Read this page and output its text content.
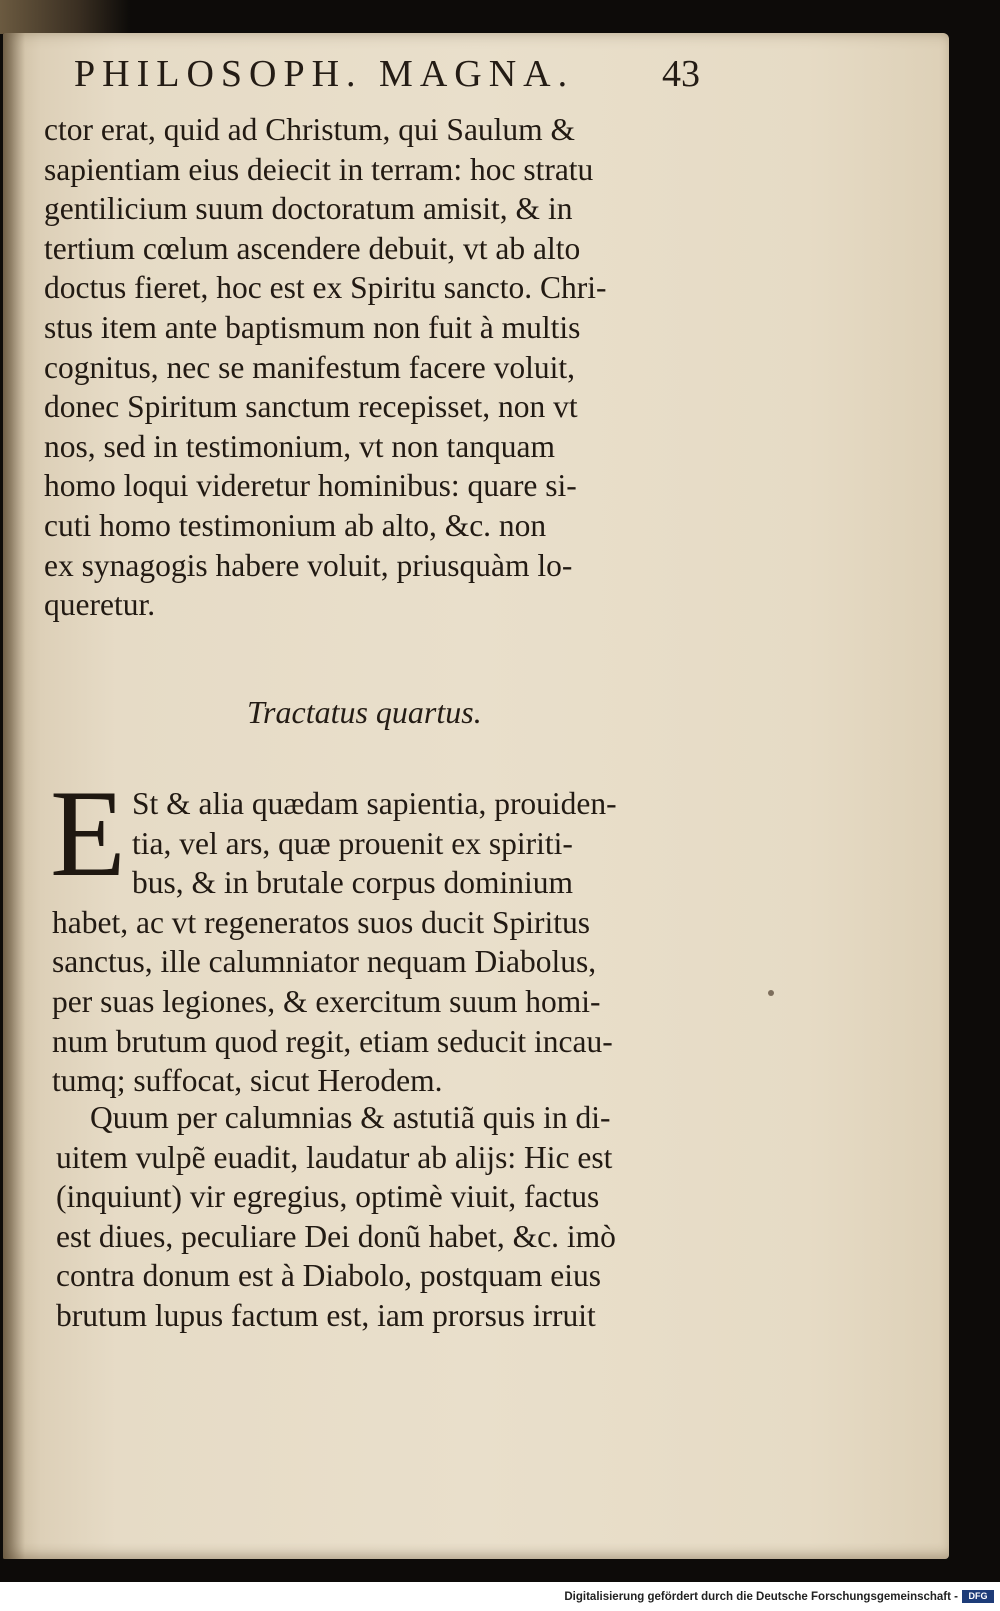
PHILOSOPH. MAGNA.	43
ctor erat, quid ad Christum, qui Saulum &
sapientiam eius deiecit in terram: hoc stratu
gentilicium suum doctoratum amisit, & in
tertium cœlum ascendere debuit, vt ab alto
doctus fieret, hoc est ex Spiritu sancto. Chri-
stus item ante baptismum non fuit à multis
cognitus, nec se manifestum facere voluit,
donec Spiritum sanctum recepisset, non vt
nos, sed in testimonium, vt non tanquam
homo loqui videretur hominibus: quare si-
cuti homo testimonium ab alto, &c. non
ex synagogis habere voluit, priusquàm lo-
queretur.
Tractatus quartus.
E St & alia quædam sapientia, prouiden-
tia, vel ars, quæ prouenit ex spiriti-
bus, & in brutale corpus dominium
habet, ac vt regeneratos suos ducit Spiritus
sanctus, ille calumniator nequam Diabolus,
per suas legiones, & exercitum suum homi-
num brutum quod regit, etiam seducit incau-
tumq; suffocat, sicut Herodem.
Quum per calumnias & astutiã quis in di-
uitem vulpẽ euadit, laudatur ab alijs: Hic est
(inquiunt) vir egregius, optimè viuit, factus
est diues, peculiare Dei donũ habet, &c. imò
contra donum est à Diabolo, postquam eius
brutum lupus factum est, iam prorsus irruit
Digitalisierung gefördert durch die Deutsche Forschungsgemeinschaft -	DFG
